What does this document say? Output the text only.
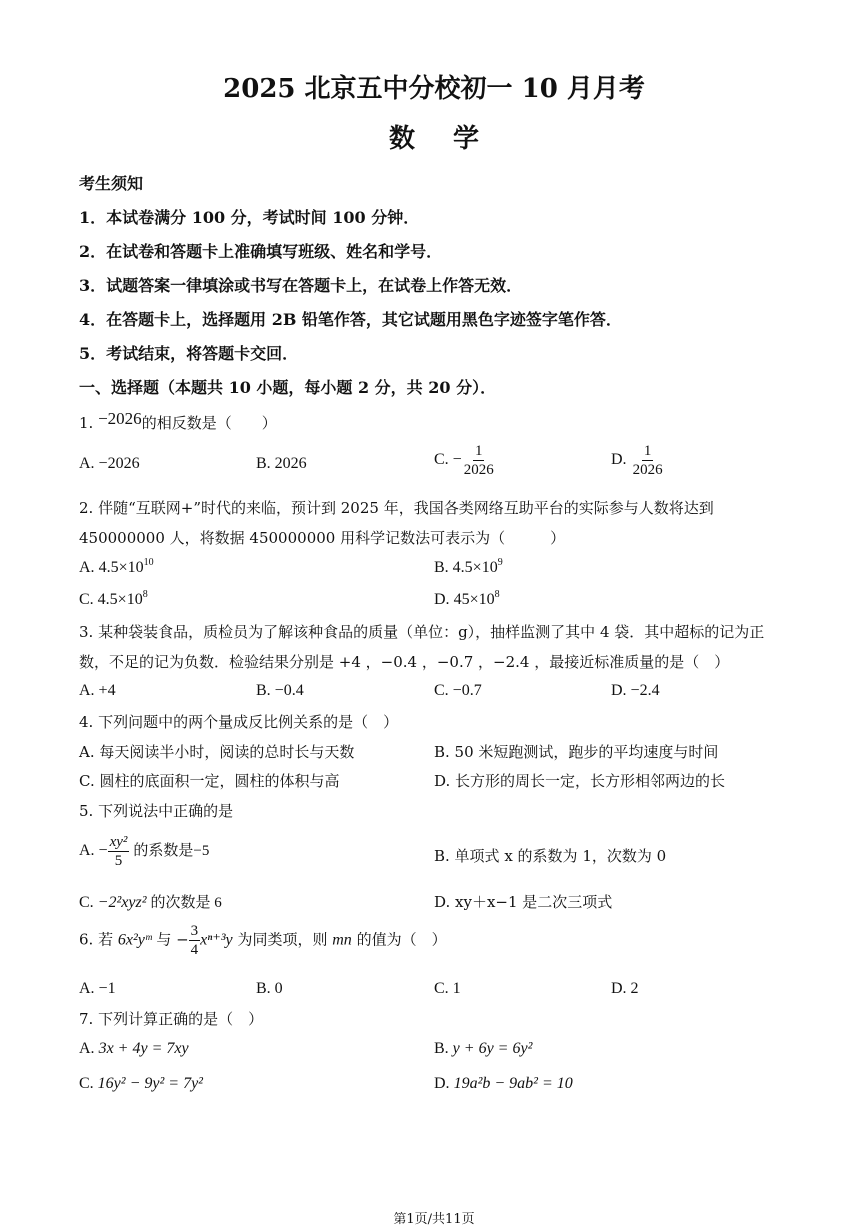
2025 北京五中分校初一 10 月月考
数学
考生须知
1．本试卷满分 100 分，考试时间 100 分钟．
2．在试卷和答题卡上准确填写班级、姓名和学号．
3．试题答案一律填涂或书写在答题卡上，在试卷上作答无效．
4．在答题卡上，选择题用 2B 铅笔作答，其它试题用黑色字迹签字笔作答．
5．考试结束，将答题卡交回．
一、选择题（本题共 10 小题，每小题 2 分，共 20 分）．
1. −2026的相反数是（　　）
A. −2026	B. 2026	C. − $\frac{1}{2026}$	D. $\frac{1}{2026}$
2. 伴随“互联网+”时代的来临，预计到 2025 年，我国各类网络互助平台的实际参与人数将达到
450000000 人，将数据 450000000 用科学记数法可表示为（　　　）
A. $4.5\times 10^{10}$	B. $4.5\times 10^9$
C. $4.5\times 10^8$	D. $45\times 10^8$
3. 某种袋装食品，质检员为了解该种食品的质量（单位：g），抽样监测了其中 4 袋．其中超标的记为正
数，不足的记为负数．检验结果分别是 +4 ，−0.4 ，−0.7 ，−2.4 ，最接近标准质量的是（　）
A. +4	B. −0.4	C. −0.7	D. −2.4
4. 下列问题中的两个量成反比例关系的是（　）
A. 每天阅读半小时，阅读的总时长与天数	B. 50 米短跑测试，跑步的平均速度与时间
C. 圆柱的底面积一定，圆柱的体积与高	D. 长方形的周长一定，长方形相邻两边的长
5. 下列说法中正确的是
A. − $\frac{\text{xy²}}{5}$ 的系数是−5	B. 单项式 x 的系数为 1，次数为 0
C. −2²xyz² 的次数是 6	D. xy＋x−1 是二次三项式
6. 若 6x²yᵐ 与 − $\frac{3}{4} x^{n+3}y$ 为同类项，则 mn 的值为（　）
A. −1	B. 0	C. 1	D. 2
7. 下列计算正确的是（　）
A. 3x + 4y = 7xy	B. y + 6y = 6y²
C. 16y² − 9y² = 7y²	D. 19a²b − 9ab² = 10
第1页/共11页
